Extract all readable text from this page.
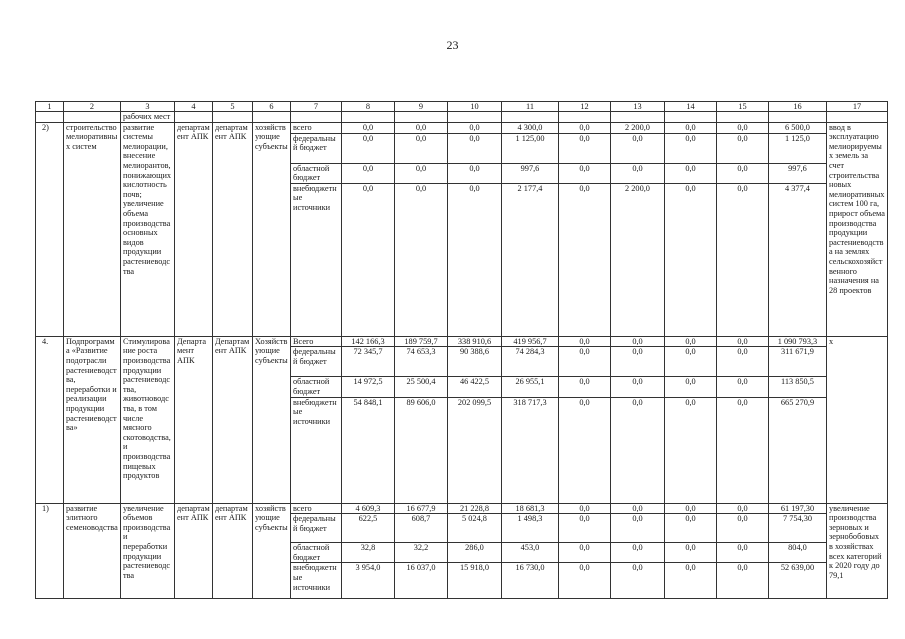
23
1	2	3	4	5	6	7	8	9	10	11	12	13	14	15	16	17
		рабочих мест														
2)	строительство мелиоративных систем	развитие системы мелиорации, внесение мелиорантов, понижающих кислотность почв; увеличение объема производства основных видов продукции растениеводства	департамент АПК	департамент АПК	хозяйствующие субъекты	всего	0,0	0,0	0,0	4 300,0	0,0	2 200,0	0,0	0,0	6 500,0	ввод в эксплуатацию мелиорируемых земель за счет строительства новых мелиоративных систем 100 га, прирост объема производства продукции растениеводства на землях сельскохозяйственного назначения на 28 проектов
						федеральный бюджет	0,0	0,0	0,0	1 125,00	0,0	0,0	0,0	0,0	1 125,0	
						областной бюджет	0,0	0,0	0,0	997,6	0,0	0,0	0,0	0,0	997,6	
						внебюджетные источники	0,0	0,0	0,0	2 177,4	0,0	2 200,0	0,0	0,0	4 377,4	
4.	Подпрограмма «Развитие подотрасли растениеводства, переработки и реализации продукции растениеводства»	Стимулирование роста производства продукции растениеводства, животноводства, в том числе мясного скотоводства, и производства пищевых продуктов	Департамент АПК	Департамент АПК	Хозяйствующие субъекты	Всего	142 166,3	189 759,7	338 910,6	419 956,7	0,0	0,0	0,0	0,0	1 090 793,3	х
						федеральный бюджет	72 345,7	74 653,3	90 388,6	74 284,3	0,0	0,0	0,0	0,0	311 671,9	
						областной бюджет	14 972,5	25 500,4	46 422,5	26 955,1	0,0	0,0	0,0	0,0	113 850,5	
						внебюджетные источники	54 848,1	89 606,0	202 099,5	318 717,3	0,0	0,0	0,0	0,0	665 270,9	
1)	развитие элитного семеноводства	увеличение объемов производства и переработки продукции растениеводства	департамент АПК	департамент АПК	хозяйствующие субъекты	всего	4 609,3	16 677,9	21 228,8	18 681,3	0,0	0,0	0,0	0,0	61 197,30	увеличение производства зерновых и зернобобовых в хозяйствах всех категорий к 2020 году до 79,1
						федеральный бюджет	622,5	608,7	5 024,8	1 498,3	0,0	0,0	0,0	0,0	7 754,30	
						областной бюджет	32,8	32,2	286,0	453,0	0,0	0,0	0,0	0,0	804,0	
						внебюджетные источники	3 954,0	16 037,0	15 918,0	16 730,0	0,0	0,0	0,0	0,0	52 639,00	
